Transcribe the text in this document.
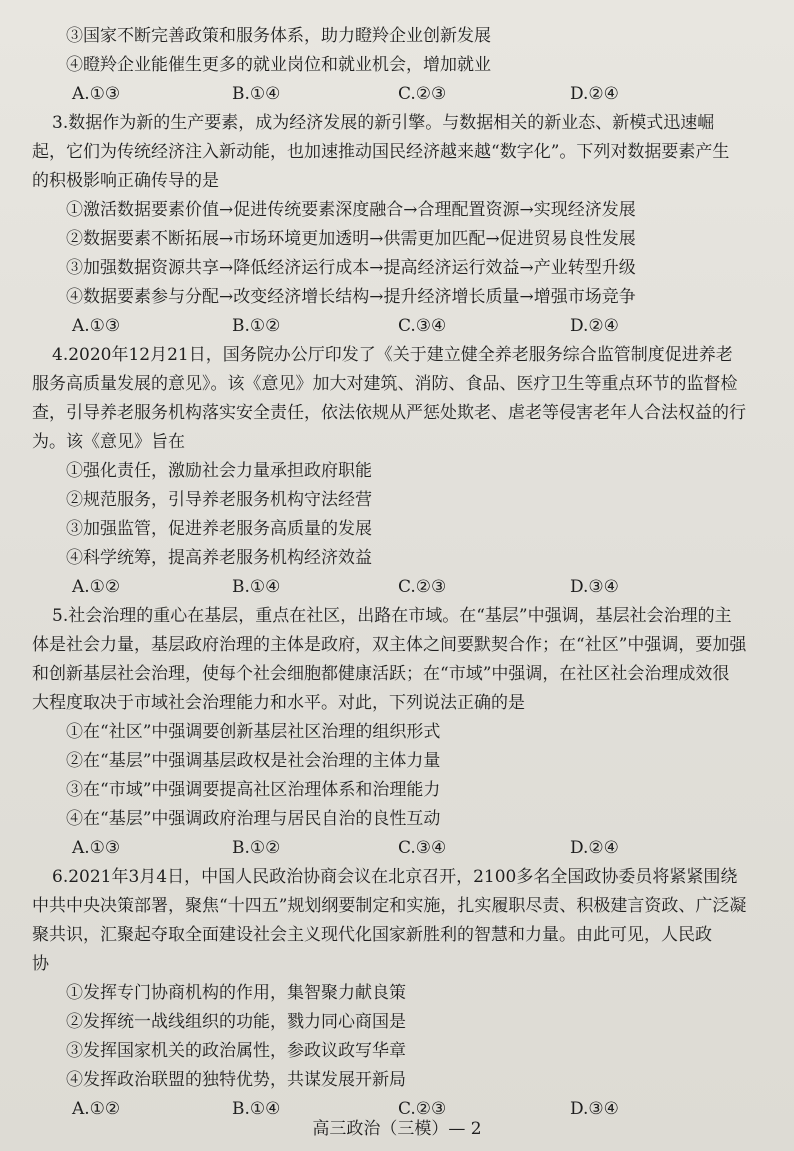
③国家不断完善政策和服务体系，助力瞪羚企业创新发展
④瞪羚企业能催生更多的就业岗位和就业机会，增加就业
A.①③	B.①④	C.②③	D.②④
3.数据作为新的生产要素，成为经济发展的新引擎。与数据相关的新业态、新模式迅速崛
起，它们为传统经济注入新动能，也加速推动国民经济越来越“数字化”。下列对数据要素产生
的积极影响正确传导的是
①激活数据要素价值→促进传统要素深度融合→合理配置资源→实现经济发展
②数据要素不断拓展→市场环境更加透明→供需更加匹配→促进贸易良性发展
③加强数据资源共享→降低经济运行成本→提高经济运行效益→产业转型升级
④数据要素参与分配→改变经济增长结构→提升经济增长质量→增强市场竞争
A.①③	B.①②	C.③④	D.②④
4.2020年12月21日，国务院办公厅印发了《关于建立健全养老服务综合监管制度促进养老
服务高质量发展的意见》。该《意见》加大对建筑、消防、食品、医疗卫生等重点环节的监督检
查，引导养老服务机构落实安全责任，依法依规从严惩处欺老、虐老等侵害老年人合法权益的行
为。该《意见》旨在
①强化责任，激励社会力量承担政府职能
②规范服务，引导养老服务机构守法经营
③加强监管，促进养老服务高质量的发展
④科学统筹，提高养老服务机构经济效益
A.①②	B.①④	C.②③	D.③④
5.社会治理的重心在基层，重点在社区，出路在市域。在“基层”中强调，基层社会治理的主
体是社会力量，基层政府治理的主体是政府，双主体之间要默契合作；在“社区”中强调，要加强
和创新基层社会治理，使每个社会细胞都健康活跃；在“市域”中强调，在社区社会治理成效很
大程度取决于市域社会治理能力和水平。对此，下列说法正确的是
①在“社区”中强调要创新基层社区治理的组织形式
②在“基层”中强调基层政权是社会治理的主体力量
③在“市域”中强调要提高社区治理体系和治理能力
④在“基层”中强调政府治理与居民自治的良性互动
A.①③	B.①②	C.③④	D.②④
6.2021年3月4日，中国人民政治协商会议在北京召开，2100多名全国政协委员将紧紧围绕
中共中央决策部署，聚焦“十四五”规划纲要制定和实施，扎实履职尽责、积极建言资政、广泛凝
聚共识，汇聚起夺取全面建设社会主义现代化国家新胜利的智慧和力量。由此可见，人民政
协
①发挥专门协商机构的作用，集智聚力献良策
②发挥统一战线组织的功能，戮力同心商国是
③发挥国家机关的政治属性，参政议政写华章
④发挥政治联盟的独特优势，共谋发展开新局
A.①②	B.①④	C.②③	D.③④
高三政治（三模）— 2
